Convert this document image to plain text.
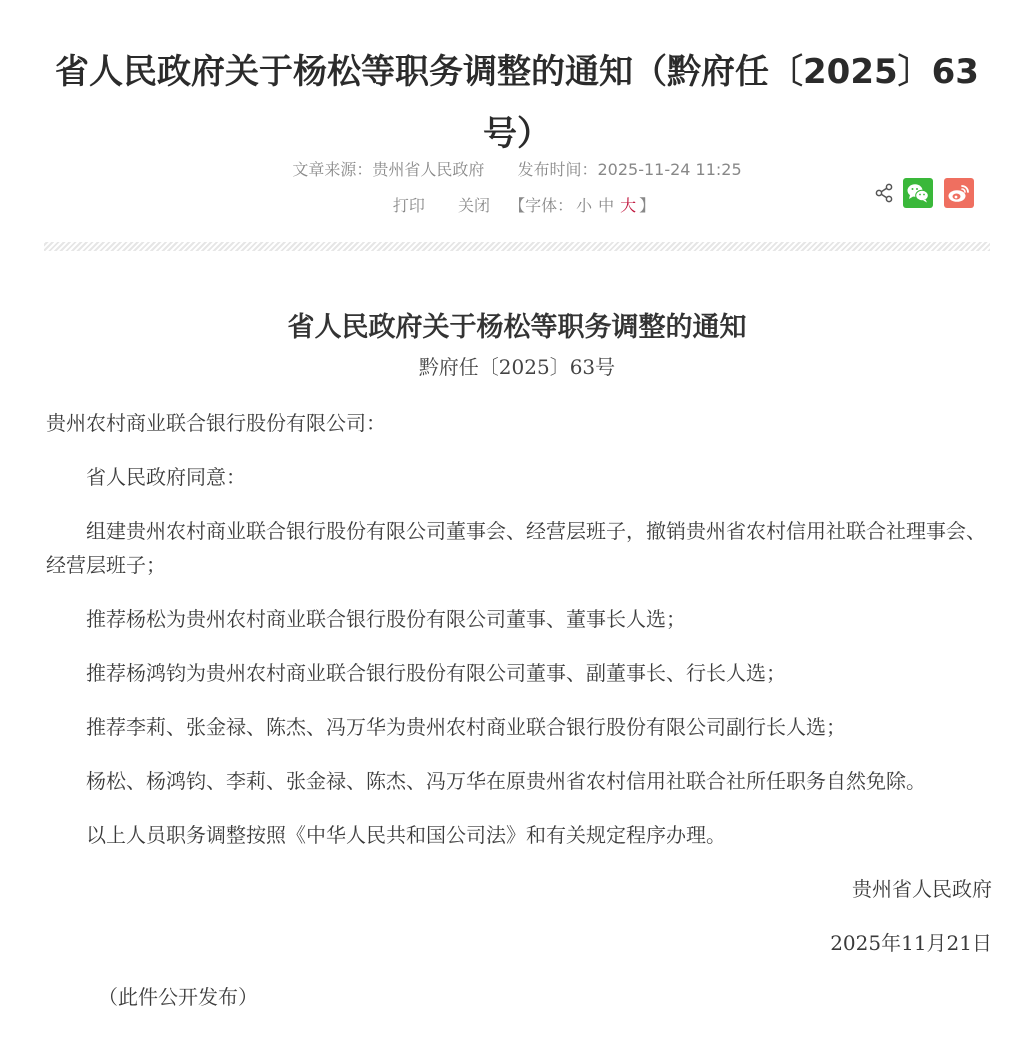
省人民政府关于杨松等职务调整的通知（黔府任〔2025〕63号）
文章来源：贵州省人民政府 发布时间：2025-11-24 11:25
打印 关闭 【字体： 小 中 大 】
省人民政府关于杨松等职务调整的通知
黔府任〔2025〕63号

贵州农村商业联合银行股份有限公司：

省人民政府同意：

组建贵州农村商业联合银行股份有限公司董事会、经营层班子，撤销贵州省农村信用社联合社理事会、经营层班子；

推荐杨松为贵州农村商业联合银行股份有限公司董事、董事长人选；

推荐杨鸿钧为贵州农村商业联合银行股份有限公司董事、副董事长、行长人选；

推荐李莉、张金禄、陈杰、冯万华为贵州农村商业联合银行股份有限公司副行长人选；

杨松、杨鸿钧、李莉、张金禄、陈杰、冯万华在原贵州省农村信用社联合社所任职务自然免除。

以上人员职务调整按照《中华人民共和国公司法》和有关规定程序办理。

贵州省人民政府

2025年11月21日

（此件公开发布）
